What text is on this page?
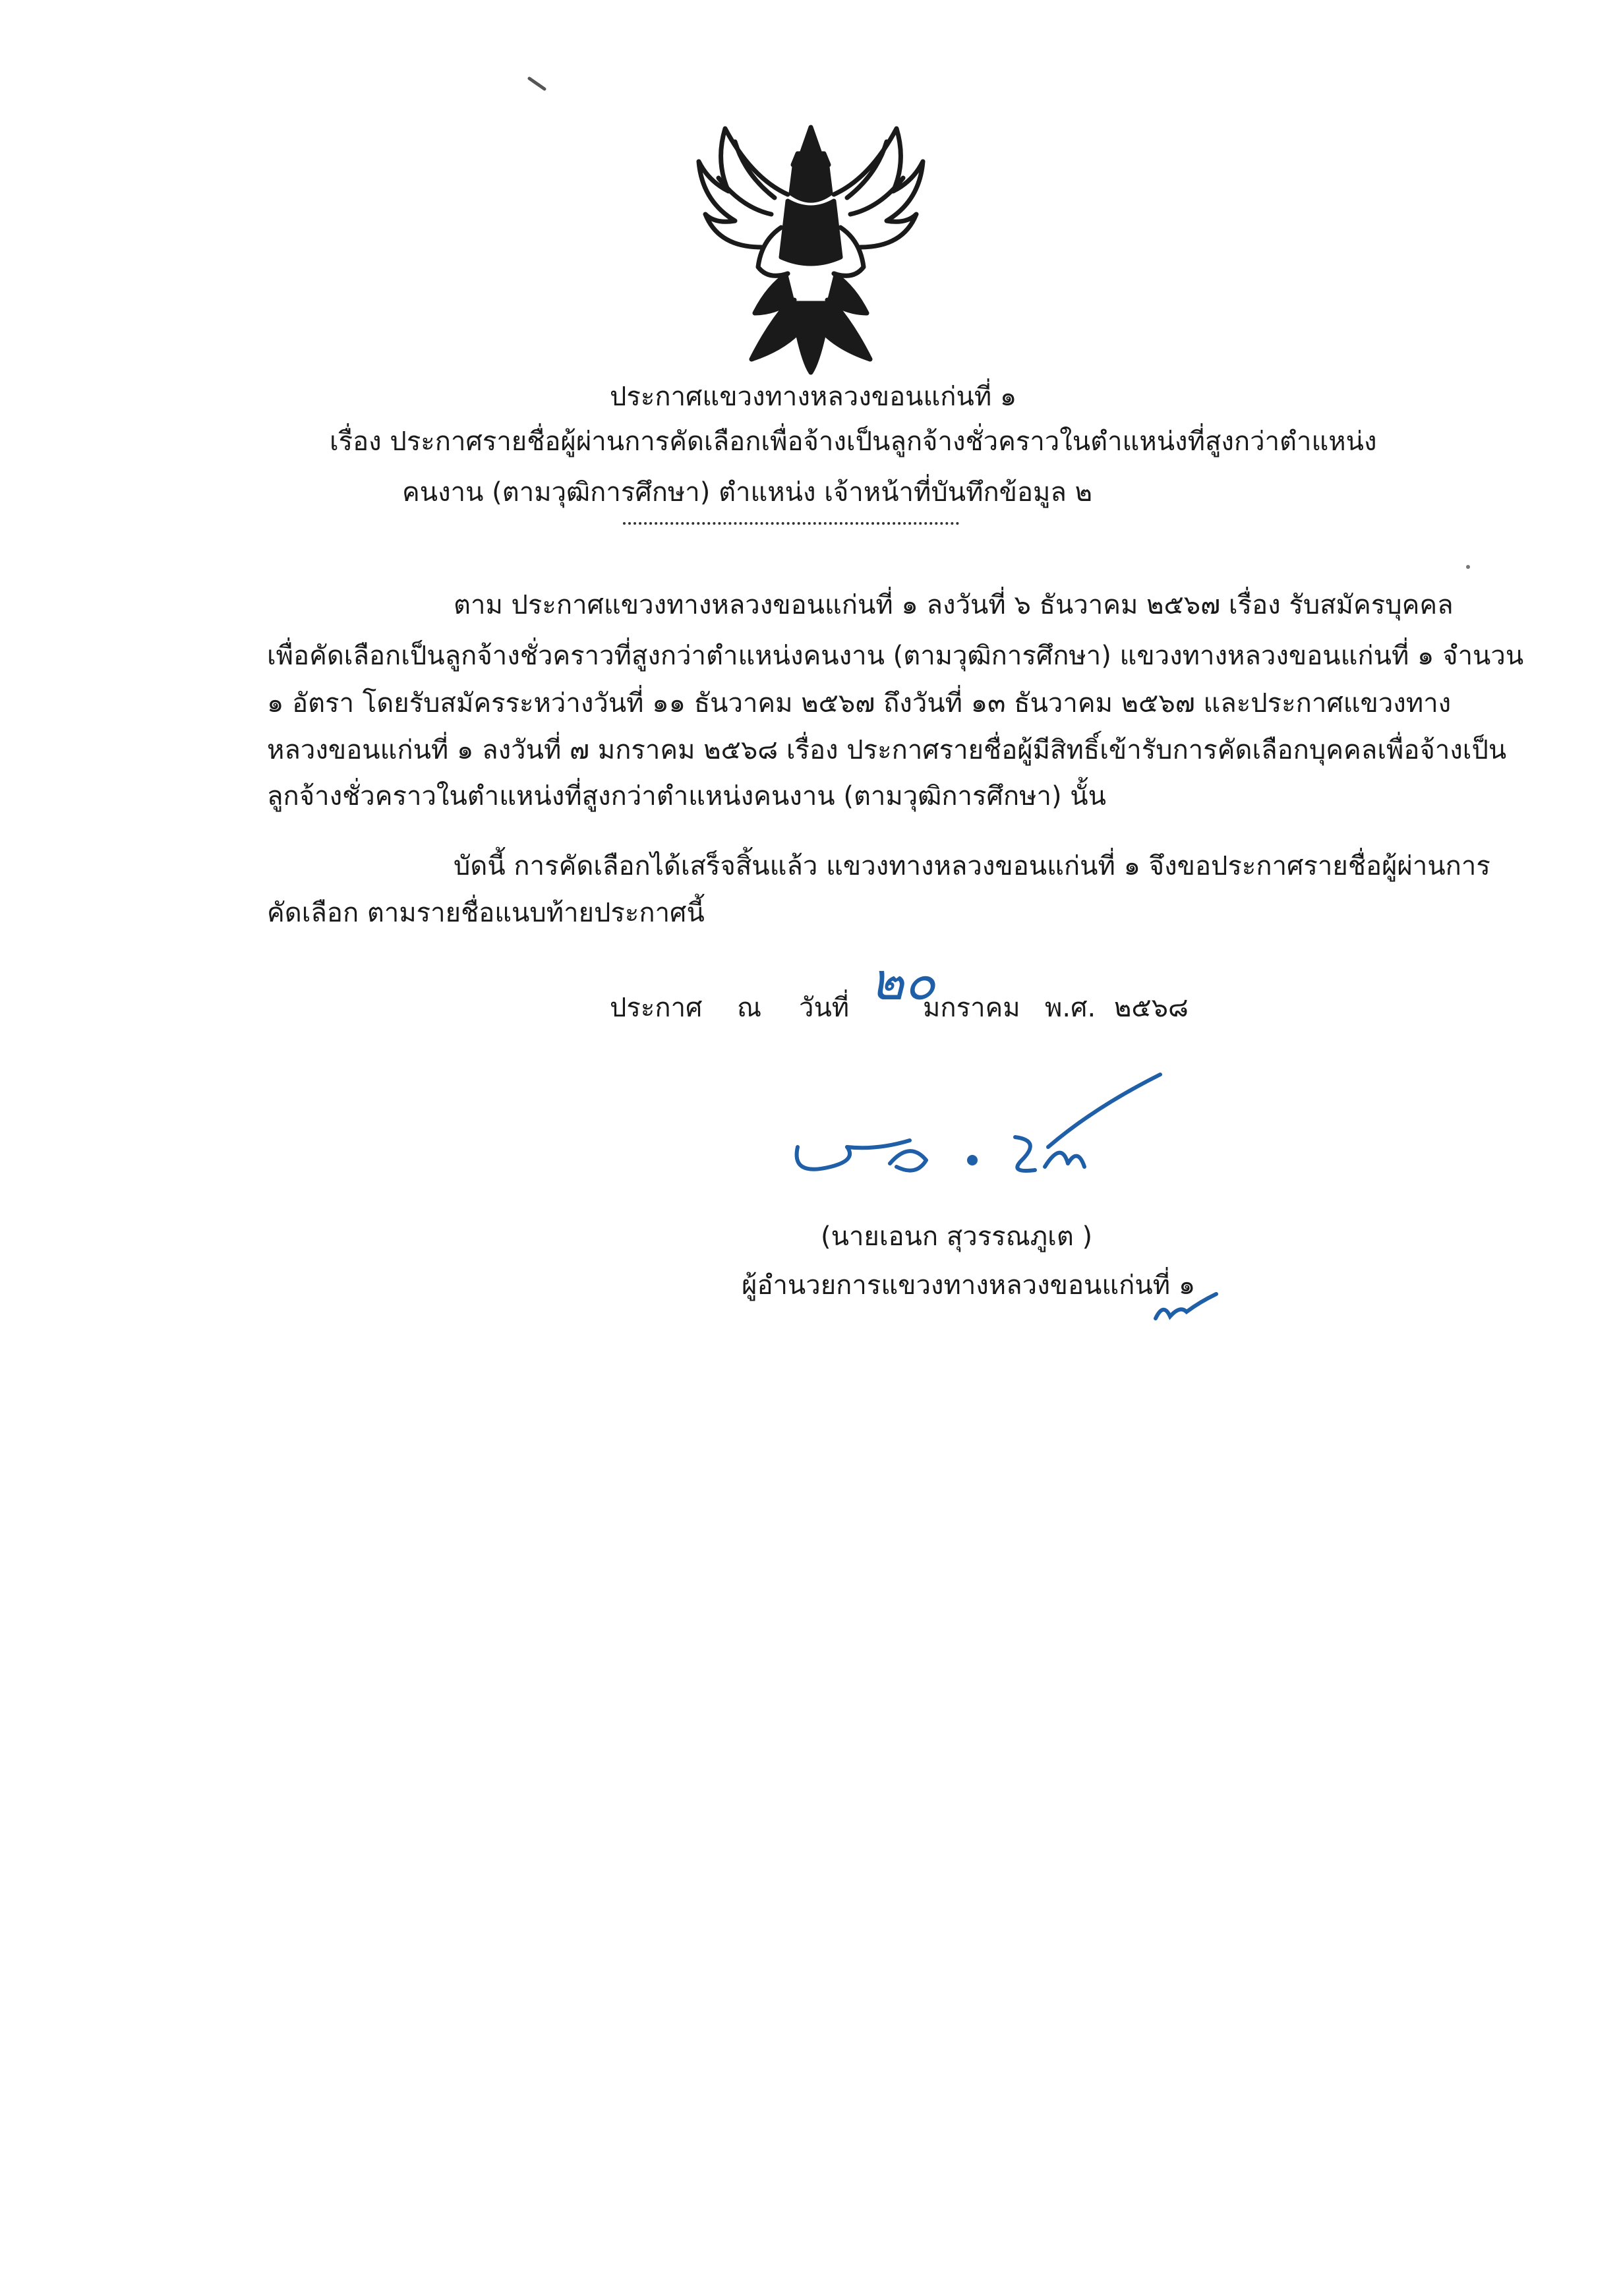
ประกาศแขวงทางหลวงขอนแก่นที่ ๑

เรื่อง ประกาศรายชื่อผู้ผ่านการคัดเลือกเพื่อจ้างเป็นลูกจ้างชั่วคราวในตำแหน่งที่สูงกว่าตำแหน่ง

คนงาน (ตามวุฒิการศึกษา) ตำแหน่ง เจ้าหน้าที่บันทึกข้อมูล ๒

ตาม ประกาศแขวงทางหลวงขอนแก่นที่ ๑ ลงวันที่ ๖ ธันวาคม ๒๕๖๗ เรื่อง รับสมัครบุคคล

เพื่อคัดเลือกเป็นลูกจ้างชั่วคราวที่สูงกว่าตำแหน่งคนงาน (ตามวุฒิการศึกษา) แขวงทางหลวงขอนแก่นที่ ๑ จำนวน

๑ อัตรา โดยรับสมัครระหว่างวันที่ ๑๑ ธันวาคม ๒๕๖๗ ถึงวันที่ ๑๓ ธันวาคม ๒๕๖๗ และประกาศแขวงทาง

หลวงขอนแก่นที่ ๑ ลงวันที่ ๗ มกราคม ๒๕๖๘ เรื่อง ประกาศรายชื่อผู้มีสิทธิ์เข้ารับการคัดเลือกบุคคลเพื่อจ้างเป็น

ลูกจ้างชั่วคราวในตำแหน่งที่สูงกว่าตำแหน่งคนงาน (ตามวุฒิการศึกษา) นั้น

บัดนี้ การคัดเลือกได้เสร็จสิ้นแล้ว แขวงทางหลวงขอนแก่นที่ ๑ จึงขอประกาศรายชื่อผู้ผ่านการ

คัดเลือก ตามรายชื่อแนบท้ายประกาศนี้

ประกาศ ณ วันที่ ๒๐

มกราคม พ.ศ. ๒๕๖๘

(นายเอนก สุวรรณภูเต )

ผู้อำนวยการแขวงทางหลวงขอนแก่นที่ ๑
